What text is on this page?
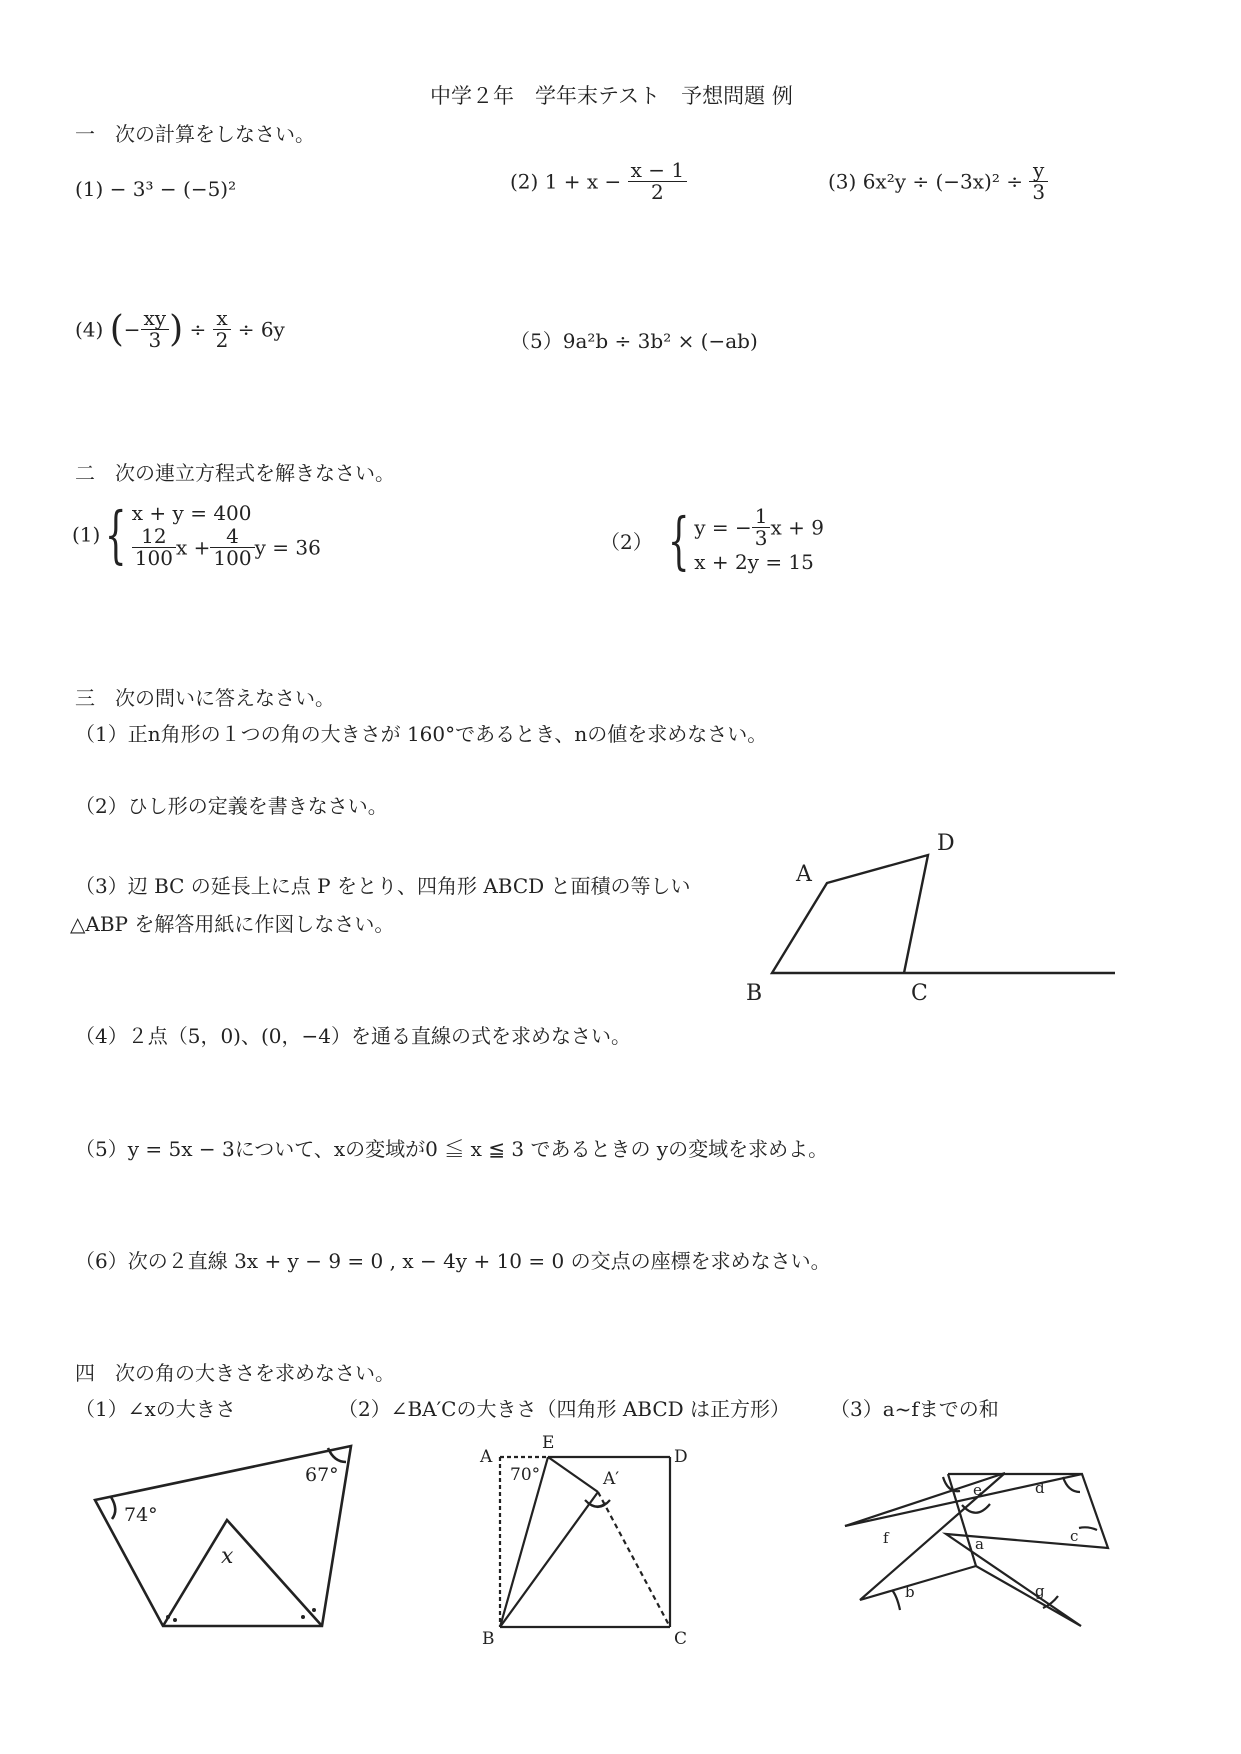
中学２年　学年末テスト　予想問題 例
一　次の計算をしなさい。
(1) − 3³ − (−5)²	(2) $1 + x - \frac{x - 1}{2}$	(3) $6x^2y \div (-3x)^2 \div \frac{y}{3}$
(4) (− $\frac{xy}{3}$ ) ÷ $\frac{x}{2} \div 6y$	（5）9a²b ÷ 3b² × (−ab)
二　次の連立方程式を解きなさい。
(1){ x + y = 400
$\frac{12}{100}$ $x + \frac{4}{100}$ y = 36	（2） { y = − $\frac{1}{3}$ x + 9
x + 2y = 15
三　次の問いに答えなさい。
（1）正n角形の１つの角の大きさが 160°であるとき、nの値を求めなさい。
（2）ひし形の定義を書きなさい。
（3）辺 BC の延長上に点 P をとり、四角形 ABCD と面積の等しい
△ABP を解答用紙に作図しなさい。
A
D
B	C
（4）２点（5，0)、(0，−4）を通る直線の式を求めなさい。
（5）y = 5x − 3について、xの変域が0 ≦ x ≦ 3 であるときの yの変域を求めよ。
（6）次の２直線 3x + y − 9 = 0 , x − 4y + 10 = 0 の交点の座標を求めなさい。
四　次の角の大きさを求めなさい。
（1）∠xの大きさ	（2）∠BA′Cの大きさ（四角形 ABCD は正方形） （3）a~fまでの和
74°
67°
x
A
E
D
B	C
A′
70°
a
b
c
d
e
f
g
